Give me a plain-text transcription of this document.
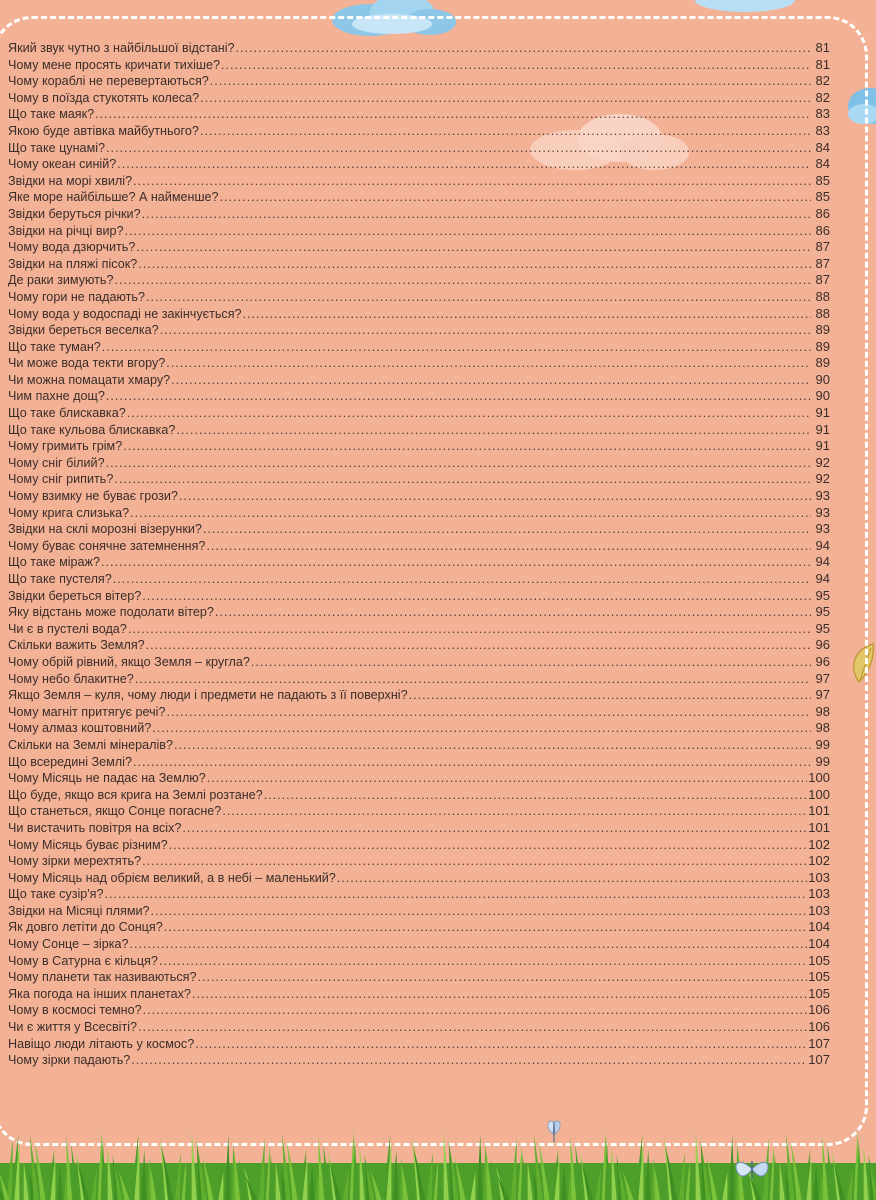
Який звук чутно з найбільшої відстані? .....	81
Чому мене просять кричати тихіше? .....	81
Чому кораблі не перевертаються? .....	82
Чому в поїзда стукотять колеса? .....	82
Що таке маяк? .....	83
Якою буде автівка майбутнього? .....	83
Що таке цунамі? .....	84
Чому океан синій? .....	84
Звідки на морі хвилі? .....	85
Яке море найбільше? А найменше? .....	85
Звідки беруться річки? .....	86
Звідки на річці вир? .....	86
Чому вода дзюрчить? .....	87
Звідки на пляжі пісок? .....	87
Де раки зимують? .....	87
Чому гори не падають? .....	88
Чому вода у водоспаді не закінчується? .....	88
Звідки береться веселка? .....	89
Що таке туман? .....	89
Чи може вода текти вгору? .....	89
Чи можна помацати хмару? .....	90
Чим пахне дощ? .....	90
Що таке блискавка? .....	91
Що таке кульова блискавка? .....	91
Чому гримить грім? .....	91
Чому сніг білий? .....	92
Чому сніг рипить? .....	92
Чому взимку не буває грози? .....	93
Чому крига слизька? .....	93
Звідки на склі морозні візерунки? .....	93
Чому буває сонячне затемнення? .....	94
Що таке міраж? .....	94
Що таке пустеля? .....	94
Звідки береться вітер? .....	95
Яку відстань може подолати вітер? .....	95
Чи є в пустелі вода? .....	95
Скільки важить Земля? .....	96
Чому обрій рівний, якщо Земля – кругла? .....	96
Чому небо блакитне? .....	97
Якщо Земля – куля, чому люди і предмети не падають з її поверхні? .....	97
Чому магніт притягує речі? .....	98
Чому алмаз коштовний? .....	98
Скільки на Землі мінералів? .....	99
Що всередині Землі? .....	99
Чому Місяць не падає на Землю? .....	100
Що буде, якщо вся крига на Землі розтане? .....	100
Що станеться, якщо Сонце погасне? .....	101
Чи вистачить повітря на всіх? .....	101
Чому Місяць буває різним? .....	102
Чому зірки мерехтять? .....	102
Чому Місяць над обрієм великий, а в небі – маленький? .....	103
Що таке сузір'я? .....	103
Звідки на Місяці плями? .....	103
Як довго летіти до Сонця? .....	104
Чому Сонце – зірка? .....	104
Чому в Сатурна є кільця? .....	105
Чому планети так називаються? .....	105
Яка погода на інших планетах? .....	105
Чому в космосі темно? .....	106
Чи є життя у Всесвіті? .....	106
Навіщо люди літають у космос? .....	107
Чому зірки падають? .....	107
